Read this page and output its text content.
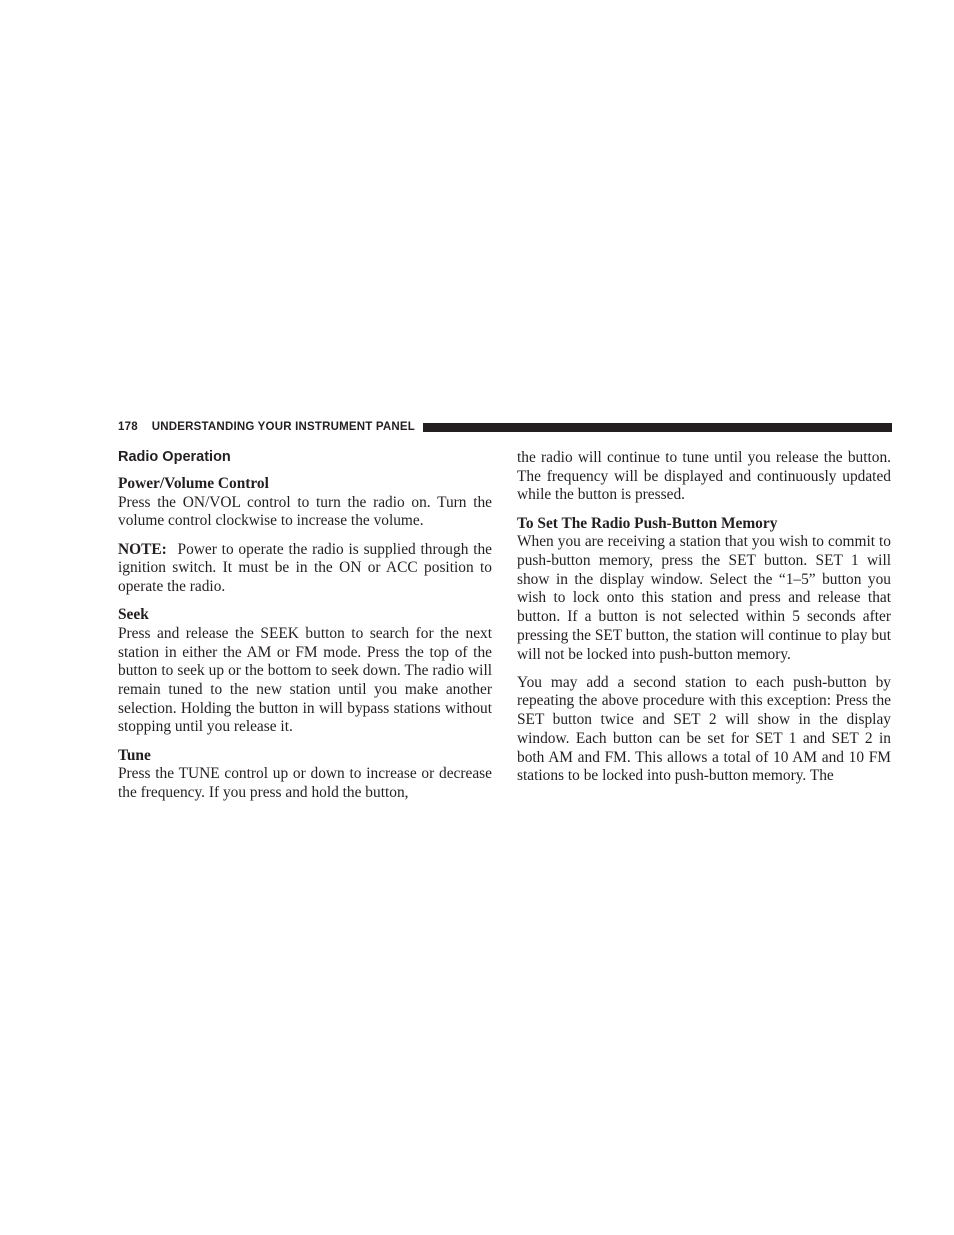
178 UNDERSTANDING YOUR INSTRUMENT PANEL
Radio Operation
Power/Volume Control

Press the ON/VOL control to turn the radio on. Turn the volume control clockwise to increase the volume.

NOTE: Power to operate the radio is supplied through the ignition switch. It must be in the ON or ACC position to operate the radio.

Seek

Press and release the SEEK button to search for the next station in either the AM or FM mode. Press the top of the button to seek up or the bottom to seek down. The radio will remain tuned to the new station until you make another selection. Holding the button in will bypass stations without stopping until you release it.

Tune

Press the TUNE control up or down to increase or decrease the frequency. If you press and hold the button,

the radio will continue to tune until you release the button. The frequency will be displayed and continuously updated while the button is pressed.

To Set The Radio Push-Button Memory

When you are receiving a station that you wish to commit to push-button memory, press the SET button. SET 1 will show in the display window. Select the “1–5” button you wish to lock onto this station and press and release that button. If a button is not selected within 5 seconds after pressing the SET button, the station will continue to play but will not be locked into push-button memory.

You may add a second station to each push-button by repeating the above procedure with this exception: Press the SET button twice and SET 2 will show in the display window. Each button can be set for SET 1 and SET 2 in both AM and FM. This allows a total of 10 AM and 10 FM stations to be locked into push-button memory. The
